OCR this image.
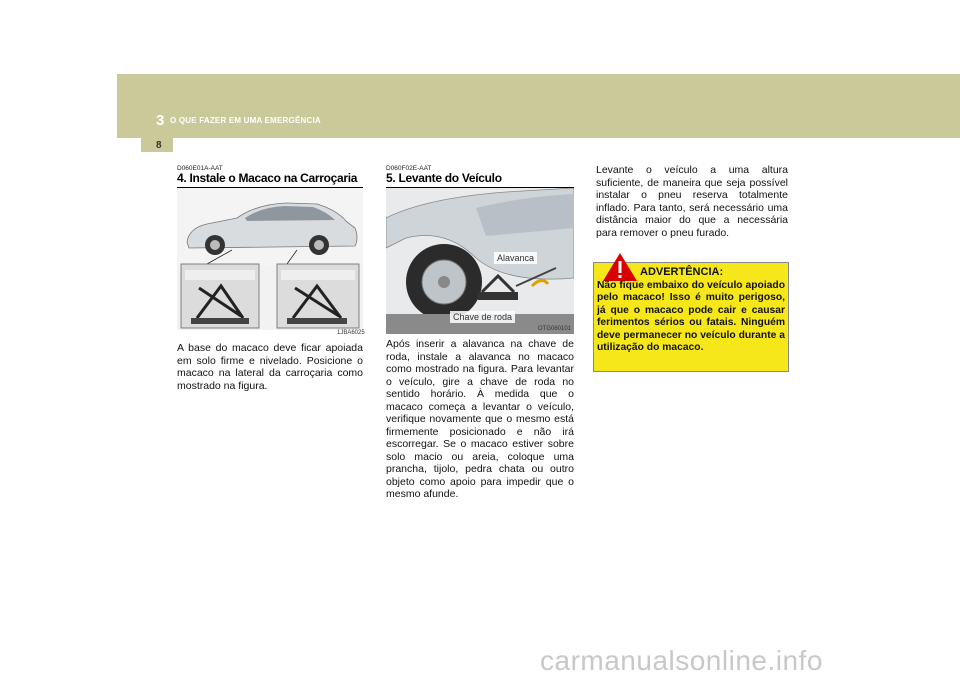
3 O QUE FAZER EM UMA EMERGÊNCIA
8
D060E01A-AAT
4. Instale o Macaco na Carroçaria
1JBA6025

A base do macaco deve ficar apoiada em solo firme e nivelado. Posicione o macaco na lateral da carroçaria como mostrado na figura.

D060F02E-AAT
5. Levante do Veículo
Alavanca
Chave de roda
OTG060101

Após inserir a alavanca na chave de roda, instale a alavanca no macaco como mostrado na figura. Para levantar o veículo, gire a chave de roda no sentido horário. À medida que o macaco começa a levantar o veículo, verifique novamente que o mesmo está firmemente posicionado e não irá escorregar. Se o macaco estiver sobre solo macio ou areia, coloque uma prancha, tijolo, pedra chata ou outro objeto como apoio para impedir que o mesmo afunde.

Levante o veículo a uma altura suficiente, de maneira que seja possível instalar o pneu reserva totalmente inflado. Para tanto, será necessário uma distância maior do que a necessária para remover o pneu furado.

ADVERTÊNCIA:

Não fique embaixo do veículo apoiado pelo macaco! Isso é muito perigoso, já que o macaco pode cair e causar ferimentos sérios ou fatais. Ninguém deve permanecer no veículo durante a utilização do macaco.

carmanualsonline.info
